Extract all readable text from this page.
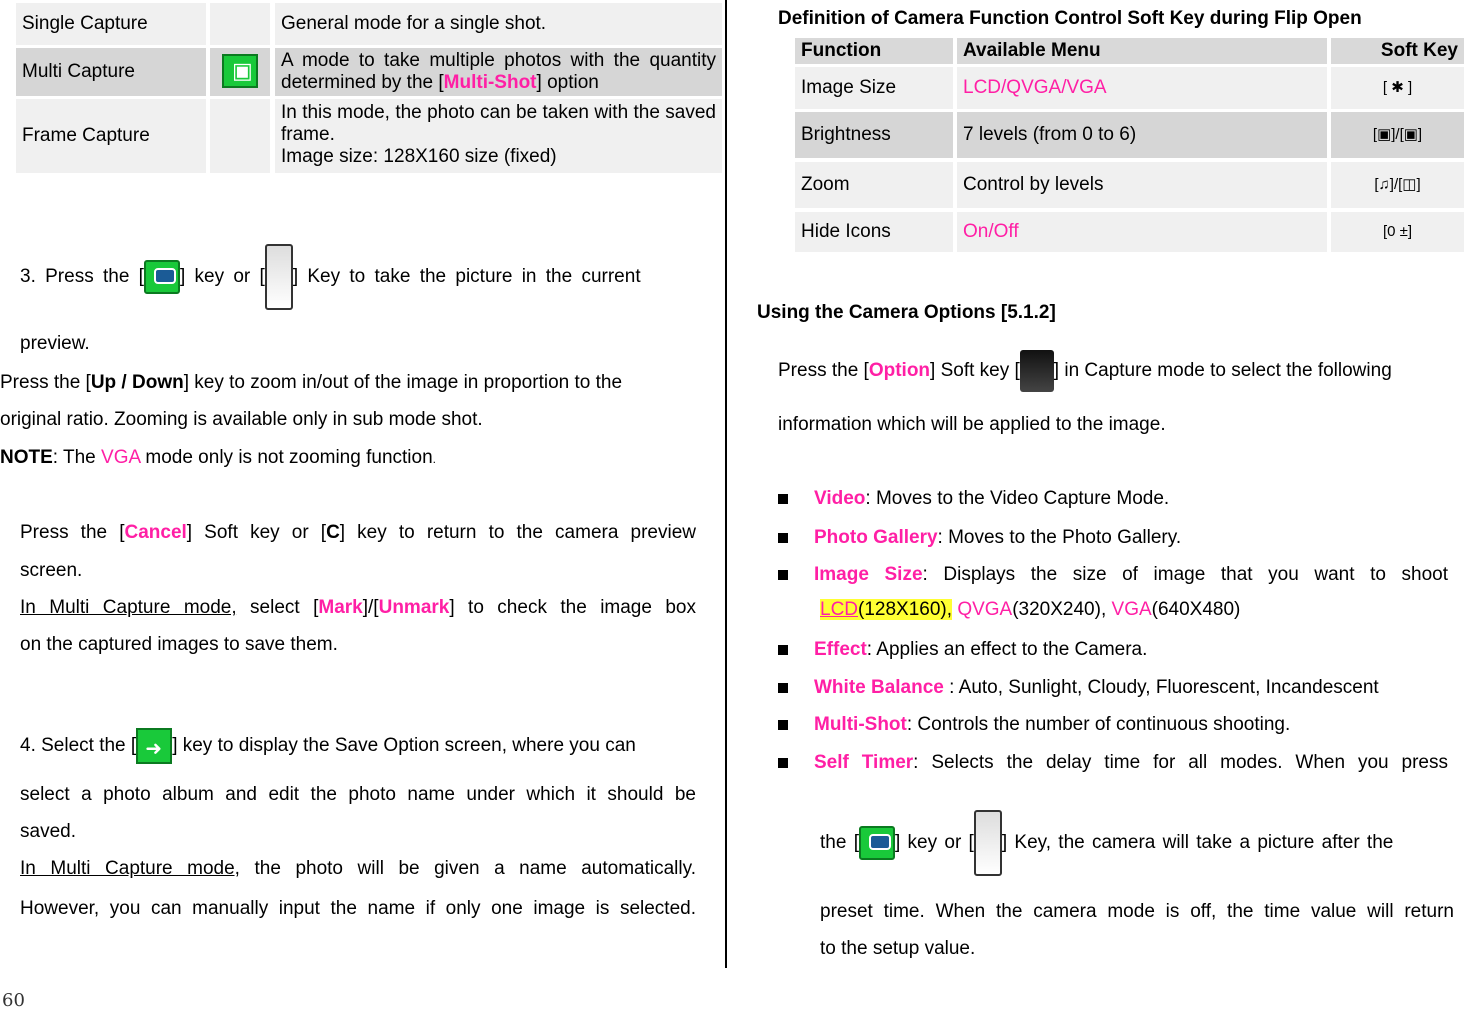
Single Capture	General mode for a single shot.
Multi Capture
▣
A mode to take multiple photos with the quantity determined by the [Multi-Shot] option
Frame Capture
In this mode, the photo can be taken with the saved frame.
Image size: 128X160 size (fixed)
3. Press the [ ] key or [ ] Key to take the picture in the current
preview.
Press the [Up / Down] key to zoom in/out of the image in proportion to the
original ratio. Zooming is available only in sub mode shot.
NOTE: The VGA mode only is not zooming function.
Press the [Cancel] Soft key or [C] key to return to the camera preview
screen.
In Multi Capture mode, select [Mark]/[Unmark] to check the image box
on the captured images to save them.
4. Select the [➜ ] key to display the Save Option screen, where you can
select a photo album and edit the photo name under which it should be
saved.
In Multi Capture mode, the photo will be given a name automatically.
However, you can manually input the name if only one image is selected.
60
Definition of Camera Function Control Soft Key during Flip Open
Function	Available Menu	Soft Key
Image Size	LCD/QVGA/VGA	[ ✱ ]
Brightness	7 levels (from 0 to 6)	[▣]/[▣]
Zoom	Control by levels	[♫]/[◫]
Hide Icons	On/Off	[0 ±]
Using the Camera Options [5.1.2]
Press the [Option] Soft key [ ] in Capture mode to select the following
information which will be applied to the image.
Video: Moves to the Video Capture Mode.
Photo Gallery: Moves to the Photo Gallery.
Image Size: Displays the size of image that you want to shoot
LCD(128X160), QVGA(320X240), VGA(640X480)
Effect: Applies an effect to the Camera.
White Balance : Auto, Sunlight, Cloudy, Fluorescent, Incandescent
Multi-Shot: Controls the number of continuous shooting.
Self Timer: Selects the delay time for all modes. When you press
the [ ] key or [ ] Key, the camera will take a picture after the
preset time. When the camera mode is off, the time value will return
to the setup value.
